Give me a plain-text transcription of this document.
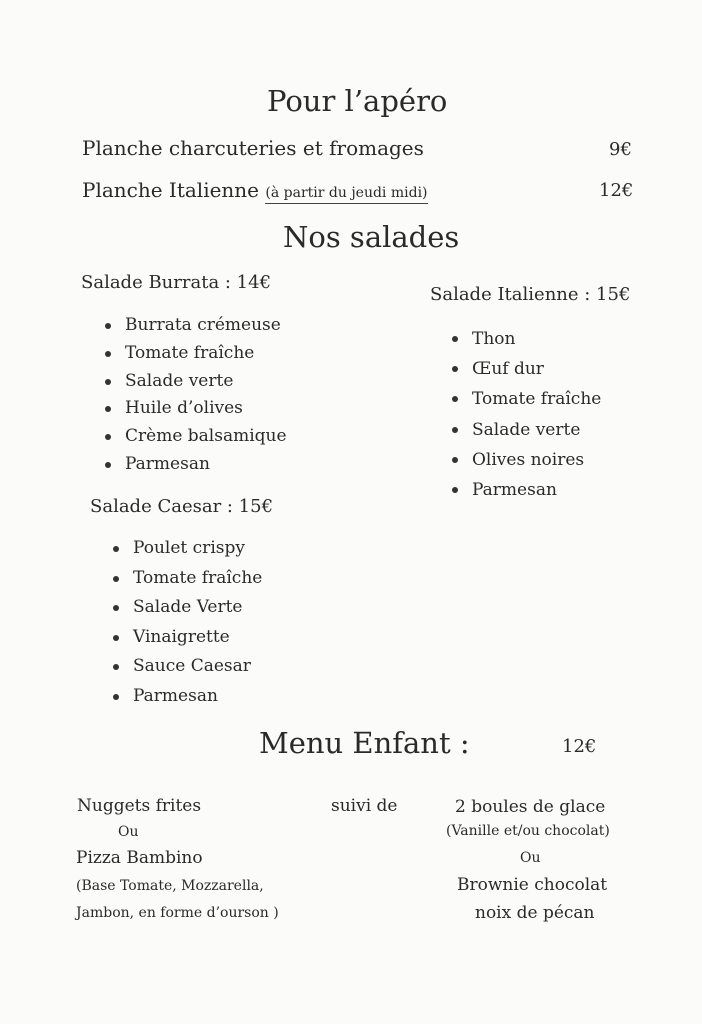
Pour l’apéro
Planche charcuteries et fromages	9€
Planche Italienne (à partir du jeudi midi)	12€
Nos salades
Salade Burrata : 14€
Burrata crémeuse
Tomate fraîche
Salade verte
Huile d’olives
Crème balsamique
Parmesan
Salade Caesar : 15€
Poulet crispy
Tomate fraîche
Salade Verte
Vinaigrette
Sauce Caesar
Parmesan
Salade Italienne : 15€
Thon
Œuf dur
Tomate fraîche
Salade verte
Olives noires
Parmesan
Menu Enfant :	12€
Nuggets frites
Ou
Pizza Bambino
(Base Tomate, Mozzarella,
Jambon, en forme d’ourson )
suivi de	2 boules de glace
(Vanille et/ou chocolat)
Ou
Brownie chocolat
noix de pécan
